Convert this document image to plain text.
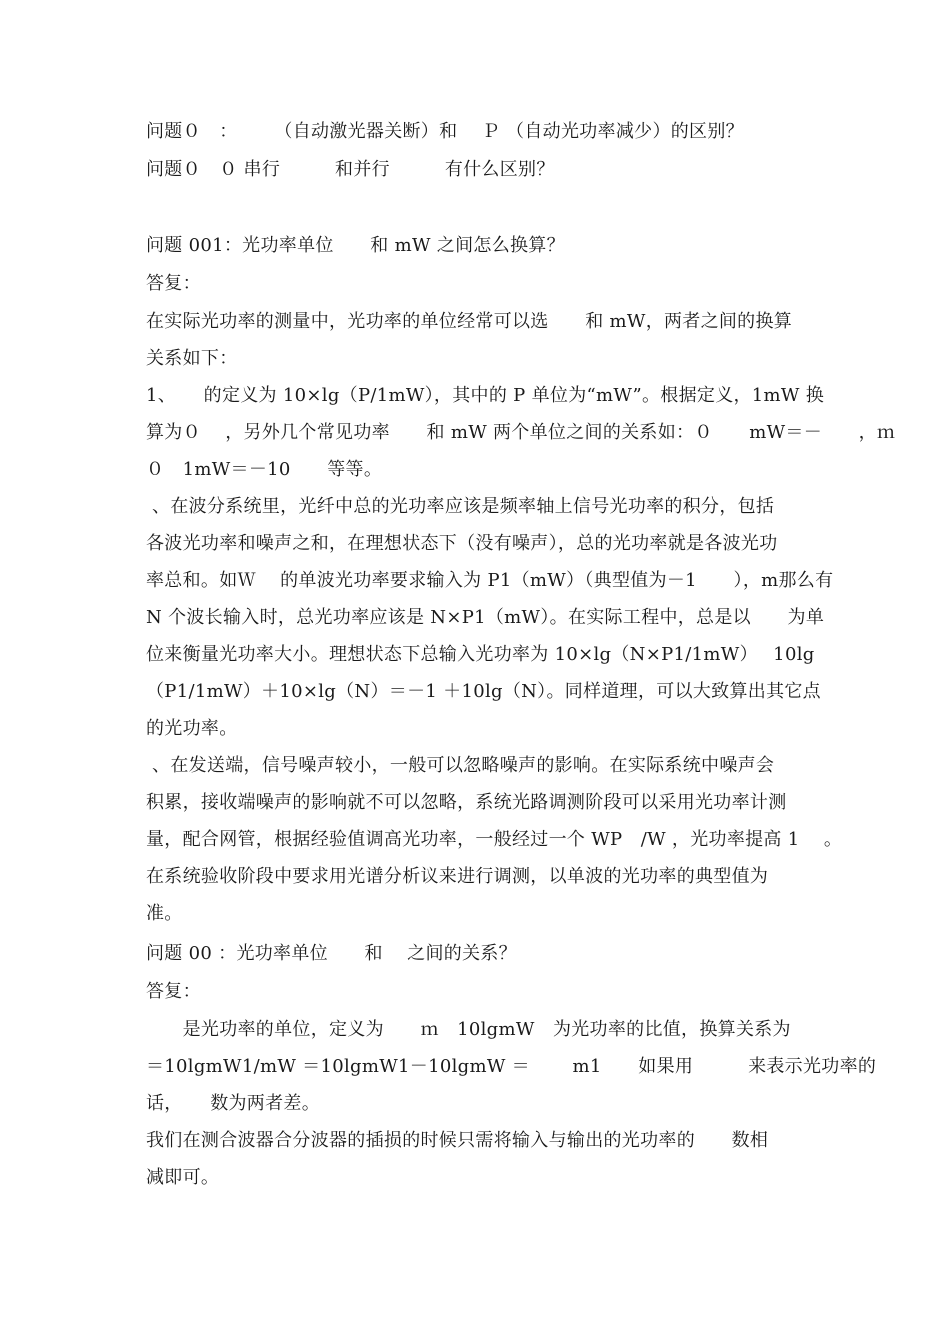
问题０　：　　　（自动激光器关断）和　 Ｐ （自动光功率减少）的区别？
问题０　０ 串行　　　和并行　　　有什么区别？
问题 001：光功率单位　　和 mW 之间怎么换算？
答复：
在实际光功率的测量中，光功率的单位经常可以选　　和 mW，两者之间的换算
关系如下：
1、　　的定义为 10×lg（P/1mW），其中的 P 单位为“mW”。根据定义，1mW 换
算为０　 ，另外几个常见功率　　和 mW 两个单位之间的关系如：０　　mW＝－　　，ｍ
０　1mW＝－10　　等等。
、在波分系统里，光纤中总的光功率应该是频率轴上信号光功率的积分，包括
各波光功率和噪声之和，在理想状态下（没有噪声），总的光功率就是各波光功
率总和。如Ｗ　 的单波光功率要求输入为 P1（mW）（典型值为－1　　），m那么有
N 个波长输入时，总光功率应该是 N×P1（mW）。在实际工程中，总是以　　为单
位来衡量光功率大小。理想状态下总输入光功率为 10×lg（N×P1/1mW）　 10lg
（P1/1mW）＋10×lg（N）＝－1 ＋10lg（N）。同样道理，可以大致算出其它点
的光功率。
、在发送端，信号噪声较小，一般可以忽略噪声的影响。在实际系统中噪声会
积累，接收端噪声的影响就不可以忽略，系统光路调测阶段可以采用光功率计测
量，配合网管，根据经验值调高光功率，一般经过一个 WP　/W ，光功率提高 1　 。
在系统验收阶段中要求用光谱分析议来进行调测，以单波的光功率的典型值为
准。
问题 00 ：光功率单位　　和　 之间的关系？
答复：
　　是光功率的单位，定义为　　ｍ　10lgmW　为光功率的比值，换算关系为
＝10lgmW1/mW ＝10lgmW1－10lgmW ＝　　 m1　　如果用　　　来表示光功率的
话，　　数为两者差。
我们在测合波器合分波器的插损的时候只需将输入与输出的光功率的　　数相
减即可。
